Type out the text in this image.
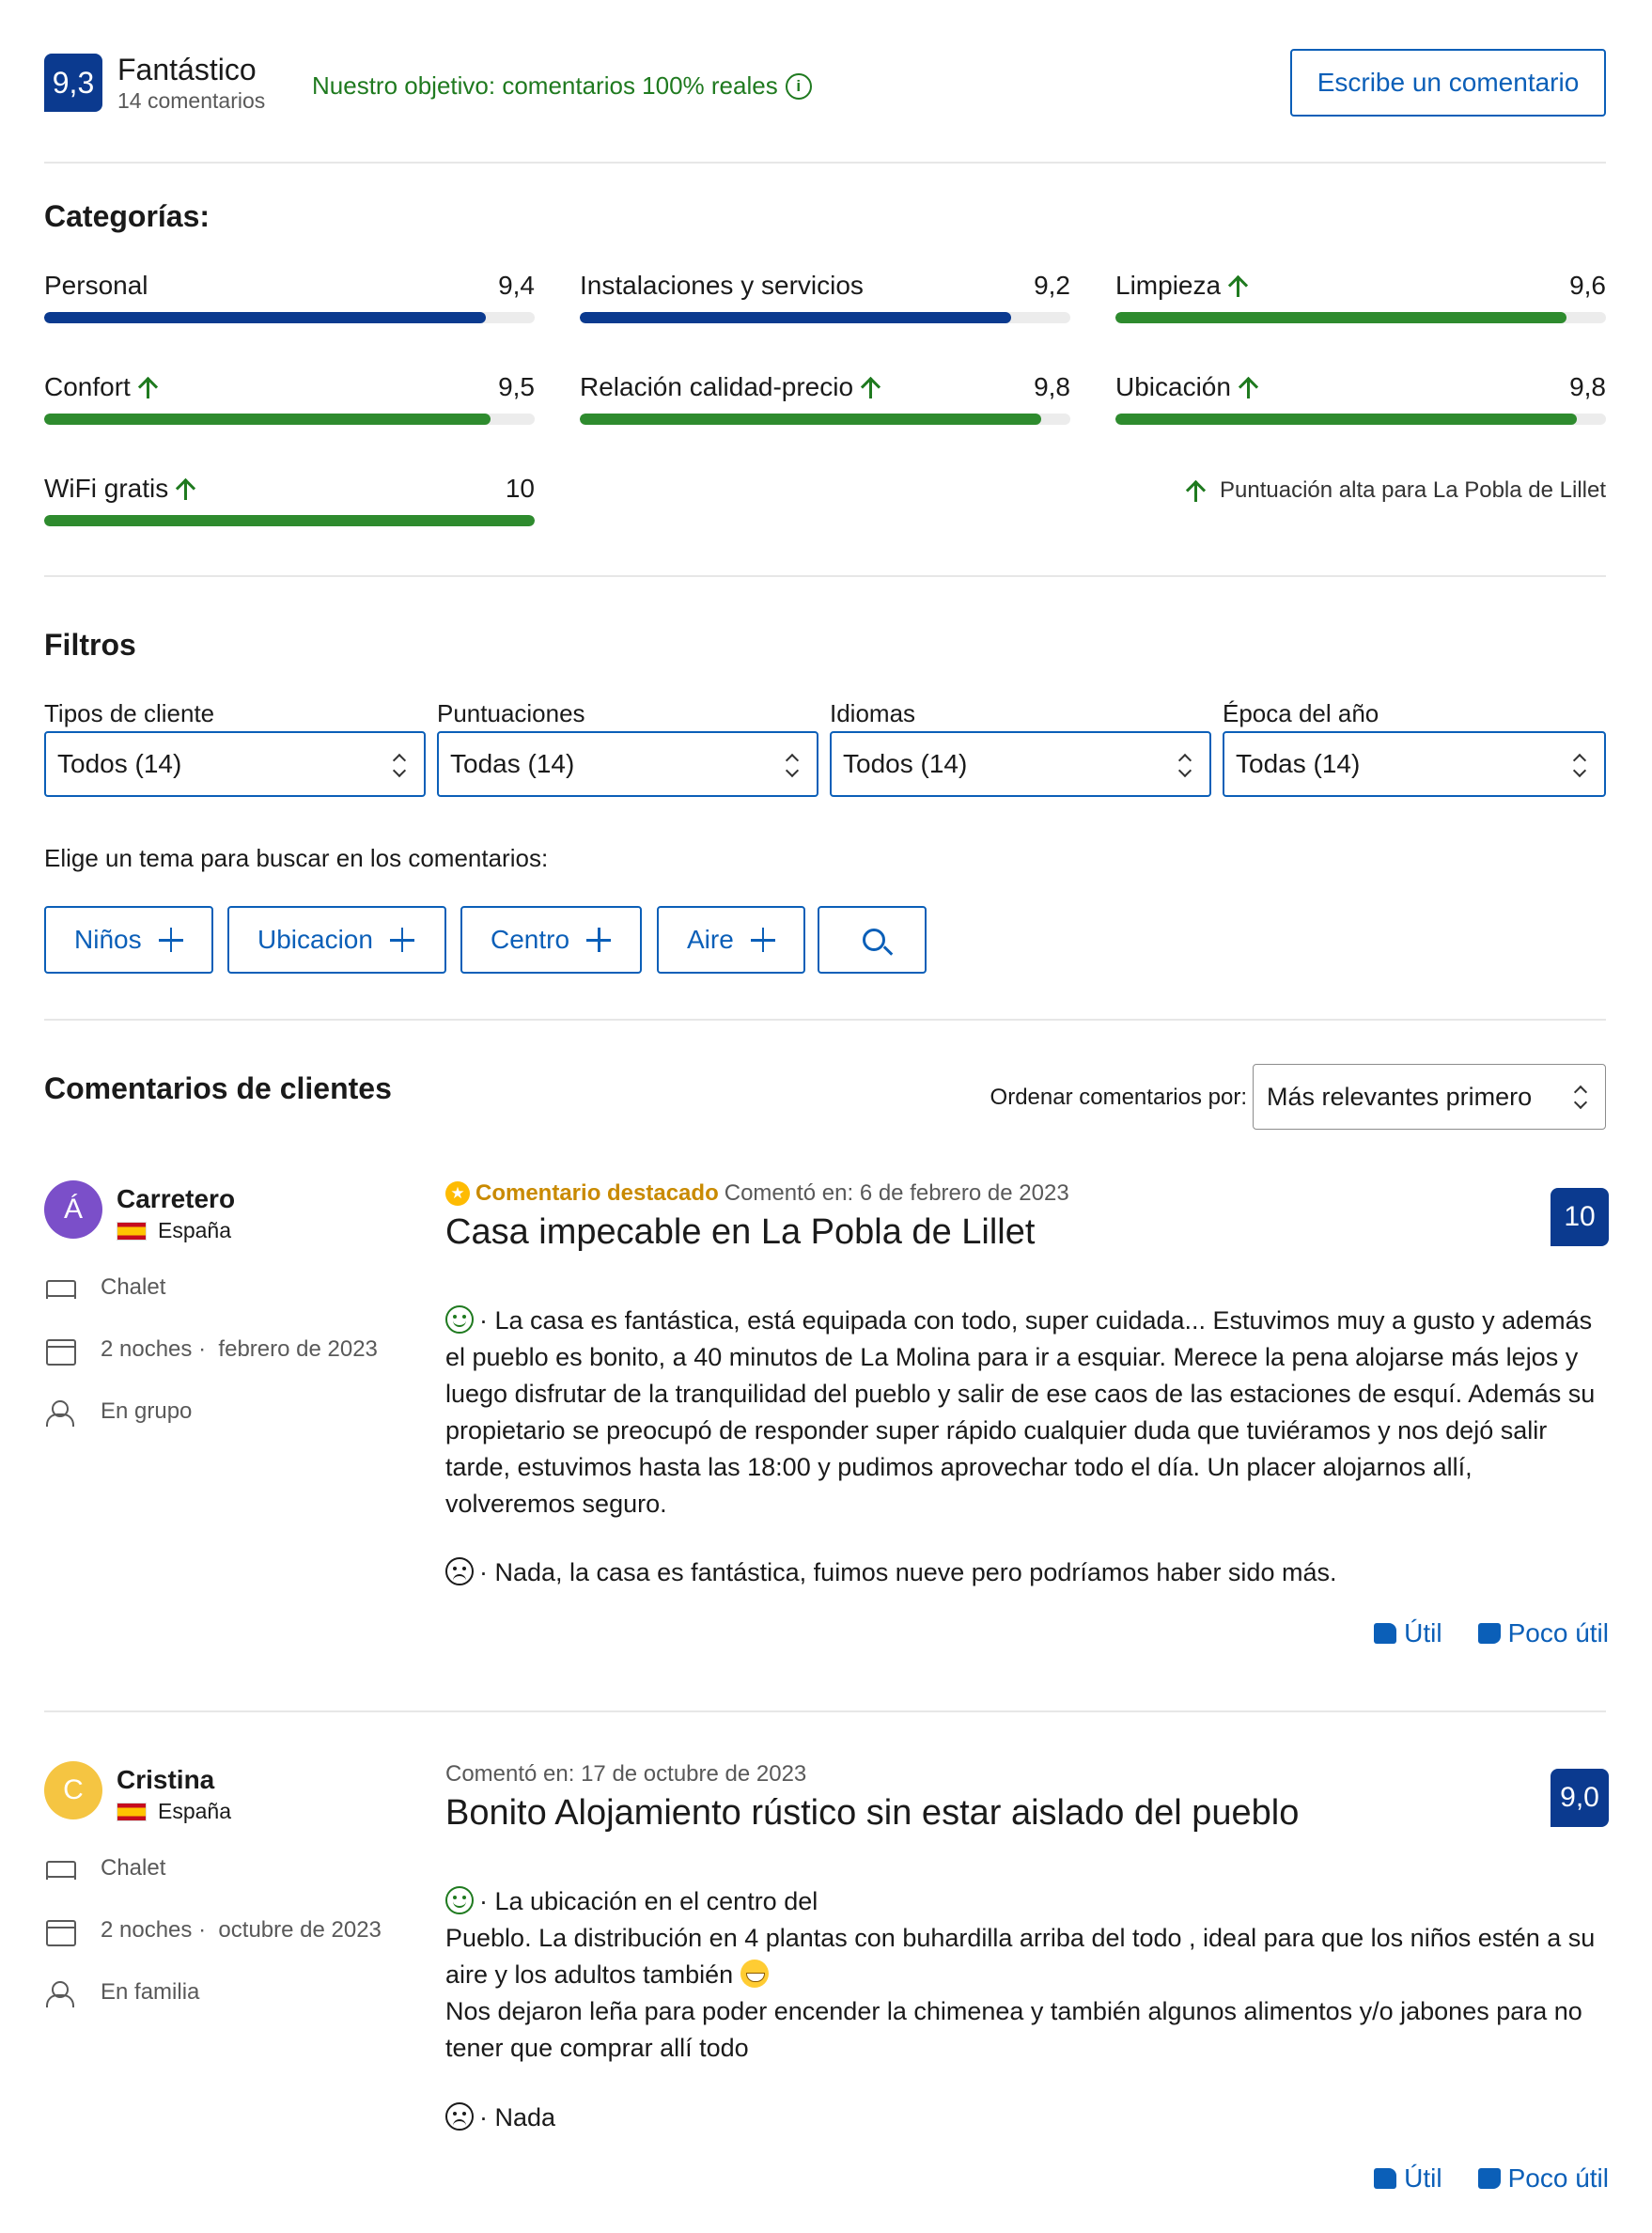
9,3 Fantástico
14 comentarios
Nuestro objetivo: comentarios 100% reales	i	Escribe un comentario
Categorías:
Personal	9,4 Instalaciones y servicios	9,2 Limpieza	9,6
Confort	9,5 Relación calidad-precio	9,8 Ubicación	9,8
WiFi gratis	10	Puntuación alta para La Pobla de Lillet
Filtros
Tipos de cliente
Todos (14)
Puntuaciones
Todas (14)
Idiomas
Todos (14)
Época del año
Todas (14)
Elige un tema para buscar en los comentarios:
Niños	Ubicacion	Centro	Aire
Comentarios de clientes	Ordenar comentarios por: Más relevantes primero
Á	Carretero
España
Chalet
2 noches · febrero de 2023
En grupo
★ Comentario destacado Comentó en: 6 de febrero de 2023
Casa impecable en La Pobla de Lillet	10
· La casa es fantástica, está equipada con todo, super cuidada... Estuvimos muy a gusto y además el pueblo es bonito, a 40 minutos de La Molina para ir a esquiar. Merece la pena alojarse más lejos y luego disfrutar de la tranquilidad del pueblo y salir de ese caos de las estaciones de esquí. Además su propietario se preocupó de responder super rápido cualquier duda que tuviéramos y nos dejó salir tarde, estuvimos hasta las 18:00 y pudimos aprovechar todo el día. Un placer alojarnos allí, volveremos seguro.
· Nada, la casa es fantástica, fuimos nueve pero podríamos haber sido más.
Útil	Poco útil
C	Cristina
España
Chalet
2 noches · octubre de 2023
En familia
Comentó en: 17 de octubre de 2023
Bonito Alojamiento rústico sin estar aislado del pueblo	9,0
· La ubicación en el centro del
Pueblo. La distribución en 4 plantas con buhardilla arriba del todo , ideal para que los niños estén a su aire y los adultos también
Nos dejaron leña para poder encender la chimenea y también algunos alimentos y/o jabones para no tener que comprar allí todo
· Nada
Útil	Poco útil
